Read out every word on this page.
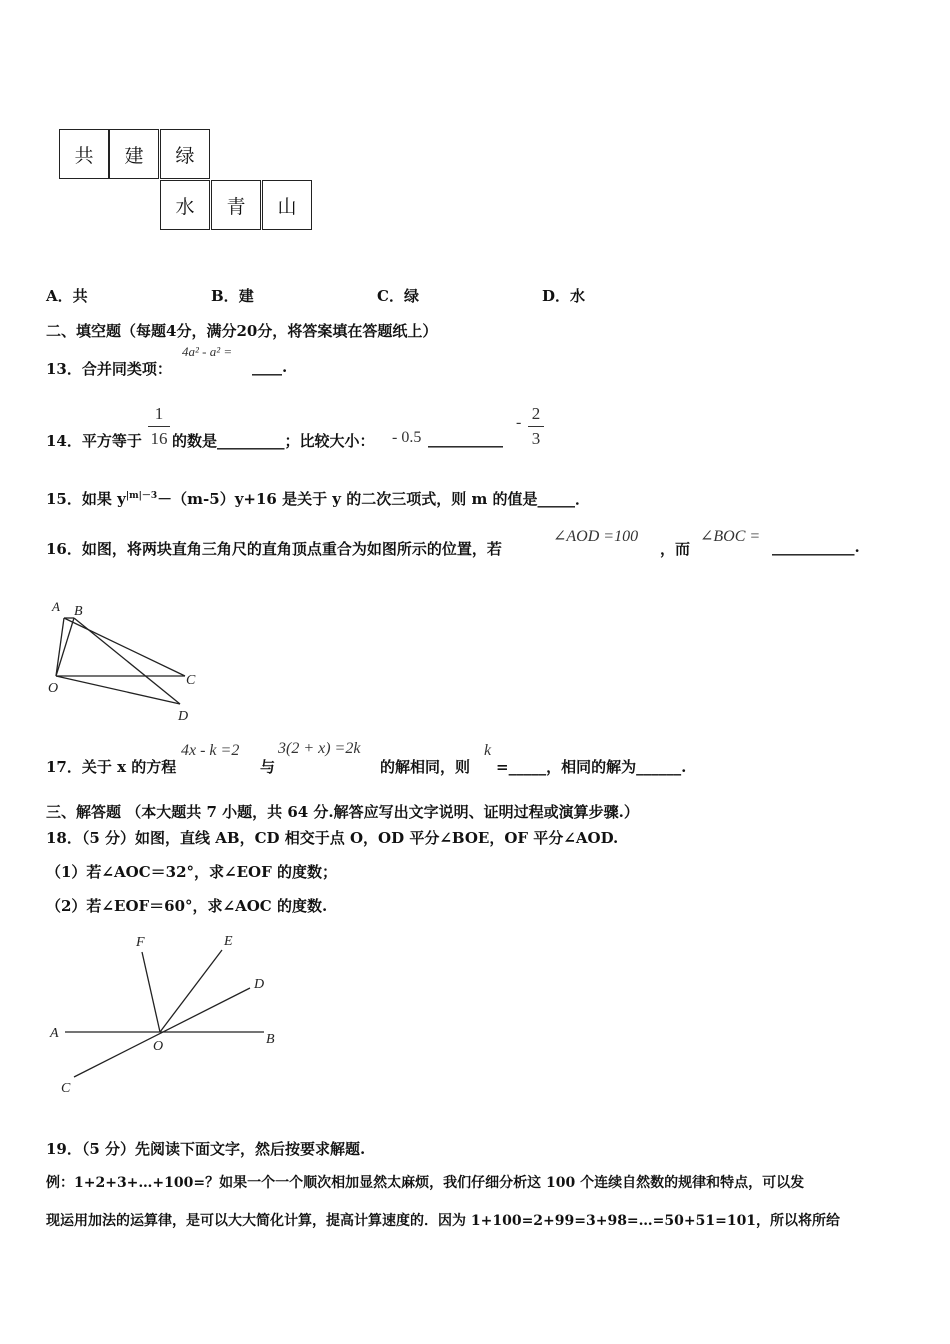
共	建	绿
水	青	山
A．共	B．建	C．绿	D．水
二、填空题（每题4分，满分20分，将答案填在答题纸上）
13．合并同类项：
4a² - a² =
____.
14．平方等于
1
16 的数是_________；比较大小： - 0.5 __________
- 2
3
15．如果 $y^{|m|-3}-(m-5)y+16$ 是关于 y 的二次三项式，则 m 的值是_____．
16．如图，将两块直角三角尺的直角顶点重合为如图所示的位置，若
∠AOD =100
，而
∠BOC =
___________.
A B
C
D
O
17．关于 x 的方程
4x - k =2
与
3(2 + x) =2k
的解相同，则
k
=_____，相同的解为______.
三、解答题 （本大题共 7 小题，共 64 分.解答应写出文字说明、证明过程或演算步骤.）
18．（5 分）如图，直线 AB，CD 相交于点 O，OD 平分∠BOE，OF 平分∠AOD.
（1）若∠AOC＝32°，求∠EOF 的度数；
（2）若∠EOF＝60°，求∠AOC 的度数.
F	E
D
A
O	B
C
19．（5 分）先阅读下面文字，然后按要求解题.
例：1+2+3+…+100=？如果一个一个顺次相加显然太麻烦，我们仔细分析这 100 个连续自然数的规律和特点，可以发
现运用加法的运算律，是可以大大简化计算，提高计算速度的．因为 1+100=2+99=3+98=…=50+51=101，所以将所给
